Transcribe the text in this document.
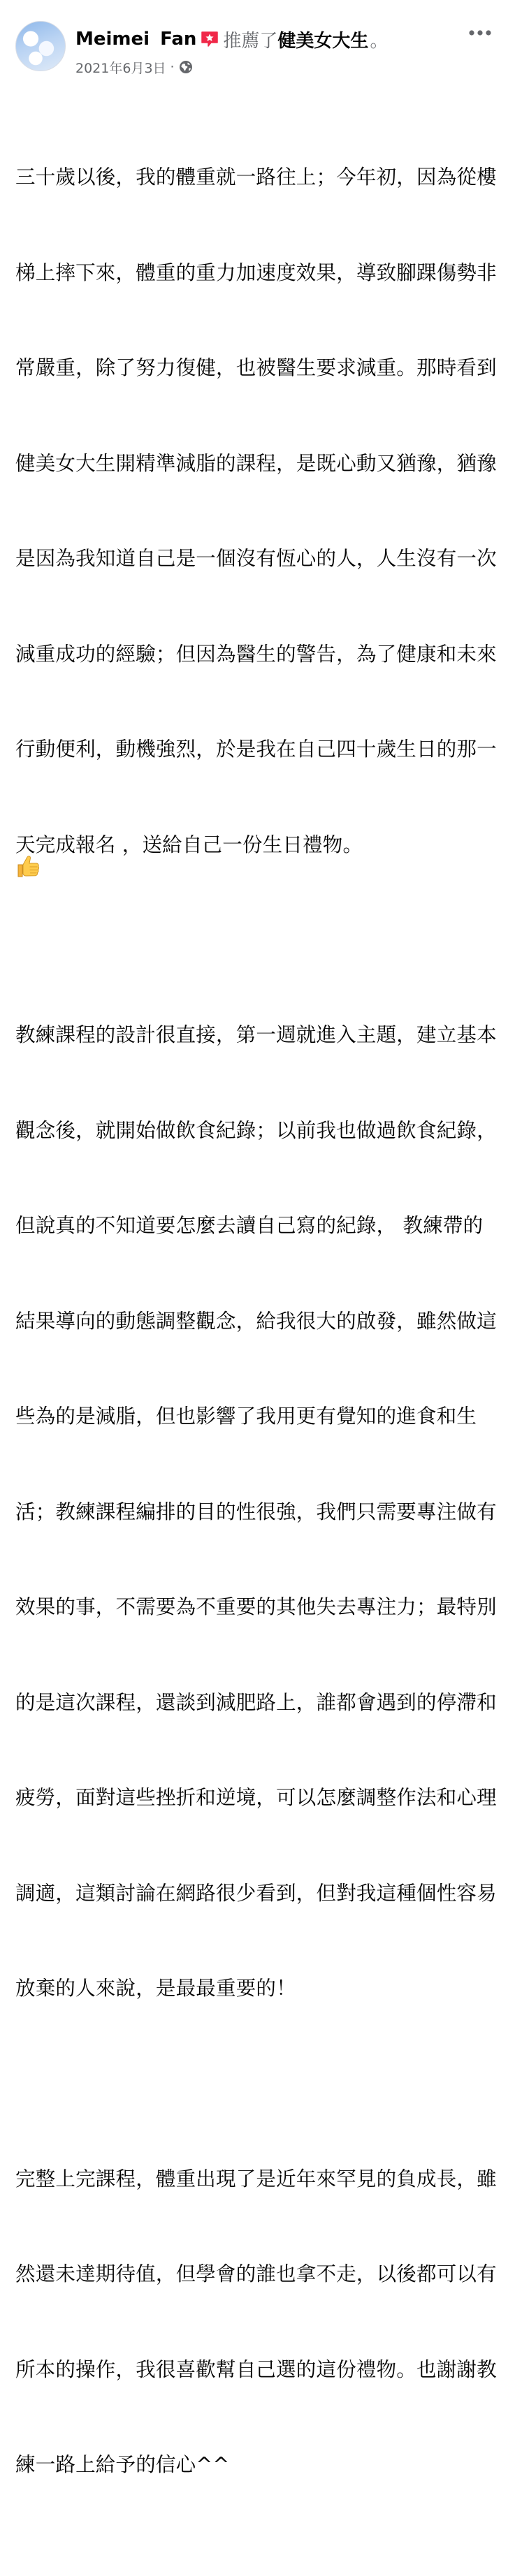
Meimei Fan 推薦了 健美女大生 。
2021年6月3日 ·

三十歲以後，我的體重就一路往上；今年初，因為從樓

梯上摔下來，體重的重力加速度效果，導致腳踝傷勢非

常嚴重，除了努力復健，也被醫生要求減重。那時看到

健美女大生開精準減脂的課程，是既心動又猶豫，猶豫

是因為我知道自己是一個沒有恆心的人，人生沒有一次

減重成功的經驗；但因為醫生的警告，為了健康和未來

行動便利，動機強烈，於是我在自己四十歲生日的那一

天完成報名 ，送給自己一份生日禮物。

教練課程的設計很直接，第一週就進入主題，建立基本

觀念後，就開始做飲食紀錄；以前我也做過飲食紀錄，

但說真的不知道要怎麼去讀自己寫的紀錄， 教練帶的

結果導向的動態調整觀念，給我很大的啟發，雖然做這

些為的是減脂，但也影響了我用更有覺知的進食和生

活；教練課程編排的目的性很強，我們只需要專注做有

效果的事，不需要為不重要的其他失去專注力；最特別

的是這次課程，還談到減肥路上，誰都會遇到的停滯和

疲勞，面對這些挫折和逆境，可以怎麼調整作法和心理

調適，這類討論在網路很少看到，但對我這種個性容易

放棄的人來說，是最最重要的！

完整上完課程，體重出現了是近年來罕見的負成長，雖

然還未達期待值，但學會的誰也拿不走，以後都可以有

所本的操作，我很喜歡幫自己選的這份禮物。也謝謝教

練一路上給予的信心^^
